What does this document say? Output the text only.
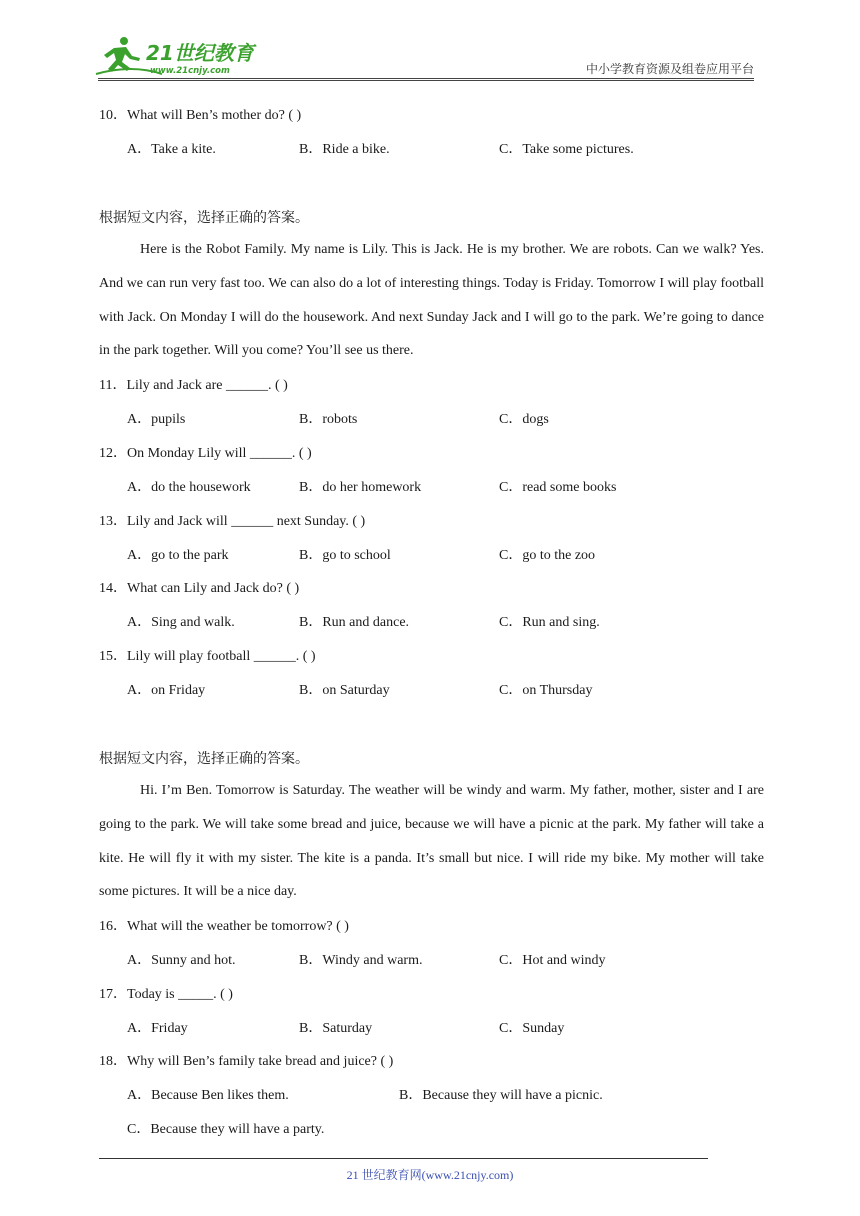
21世纪教育
www.21cnjy.com	中小学教育资源及组卷应用平台
10．What will Ben’s mother do? ( )
A．Take a kite.	B．Ride a bike.	C．Take some pictures.
根据短文内容，选择正确的答案。
Here is the Robot Family. My name is Lily. This is Jack. He is my brother. We are robots. Can we walk? Yes. And we can run very fast too. We can also do a lot of interesting things. Today is Friday. Tomorrow I will play football with Jack. On Monday I will do the housework. And next Sunday Jack and I will go to the park. We’re going to dance in the park together. Will you come? You’ll see us there.
11．Lily and Jack are ______. ( )
A．pupils	B．robots	C．dogs
12．On Monday Lily will ______. ( )
A．do the housework	B．do her homework	C．read some books
13．Lily and Jack will ______ next Sunday. ( )
A．go to the park	B．go to school	C．go to the zoo
14．What can Lily and Jack do? ( )
A．Sing and walk.	B．Run and dance.	C．Run and sing.
15．Lily will play football ______. ( )
A．on Friday	B．on Saturday	C．on Thursday
根据短文内容，选择正确的答案。
Hi. I’m Ben. Tomorrow is Saturday. The weather will be windy and warm. My father, mother, sister and I are going to the park. We will take some bread and juice, because we will have a picnic at the park. My father will take a kite. He will fly it with my sister. The kite is a panda. It’s small but nice. I will ride my bike. My mother will take some pictures. It will be a nice day.
16．What will the weather be tomorrow? ( )
A．Sunny and hot.	B．Windy and warm.	C．Hot and windy
17．Today is _____. ( )
A．Friday	B．Saturday	C．Sunday
18．Why will Ben’s family take bread and juice? ( )
A．Because Ben likes them.	B．Because they will have a picnic.
C．Because they will have a party.
21 世纪教育网(www.21cnjy.com)
